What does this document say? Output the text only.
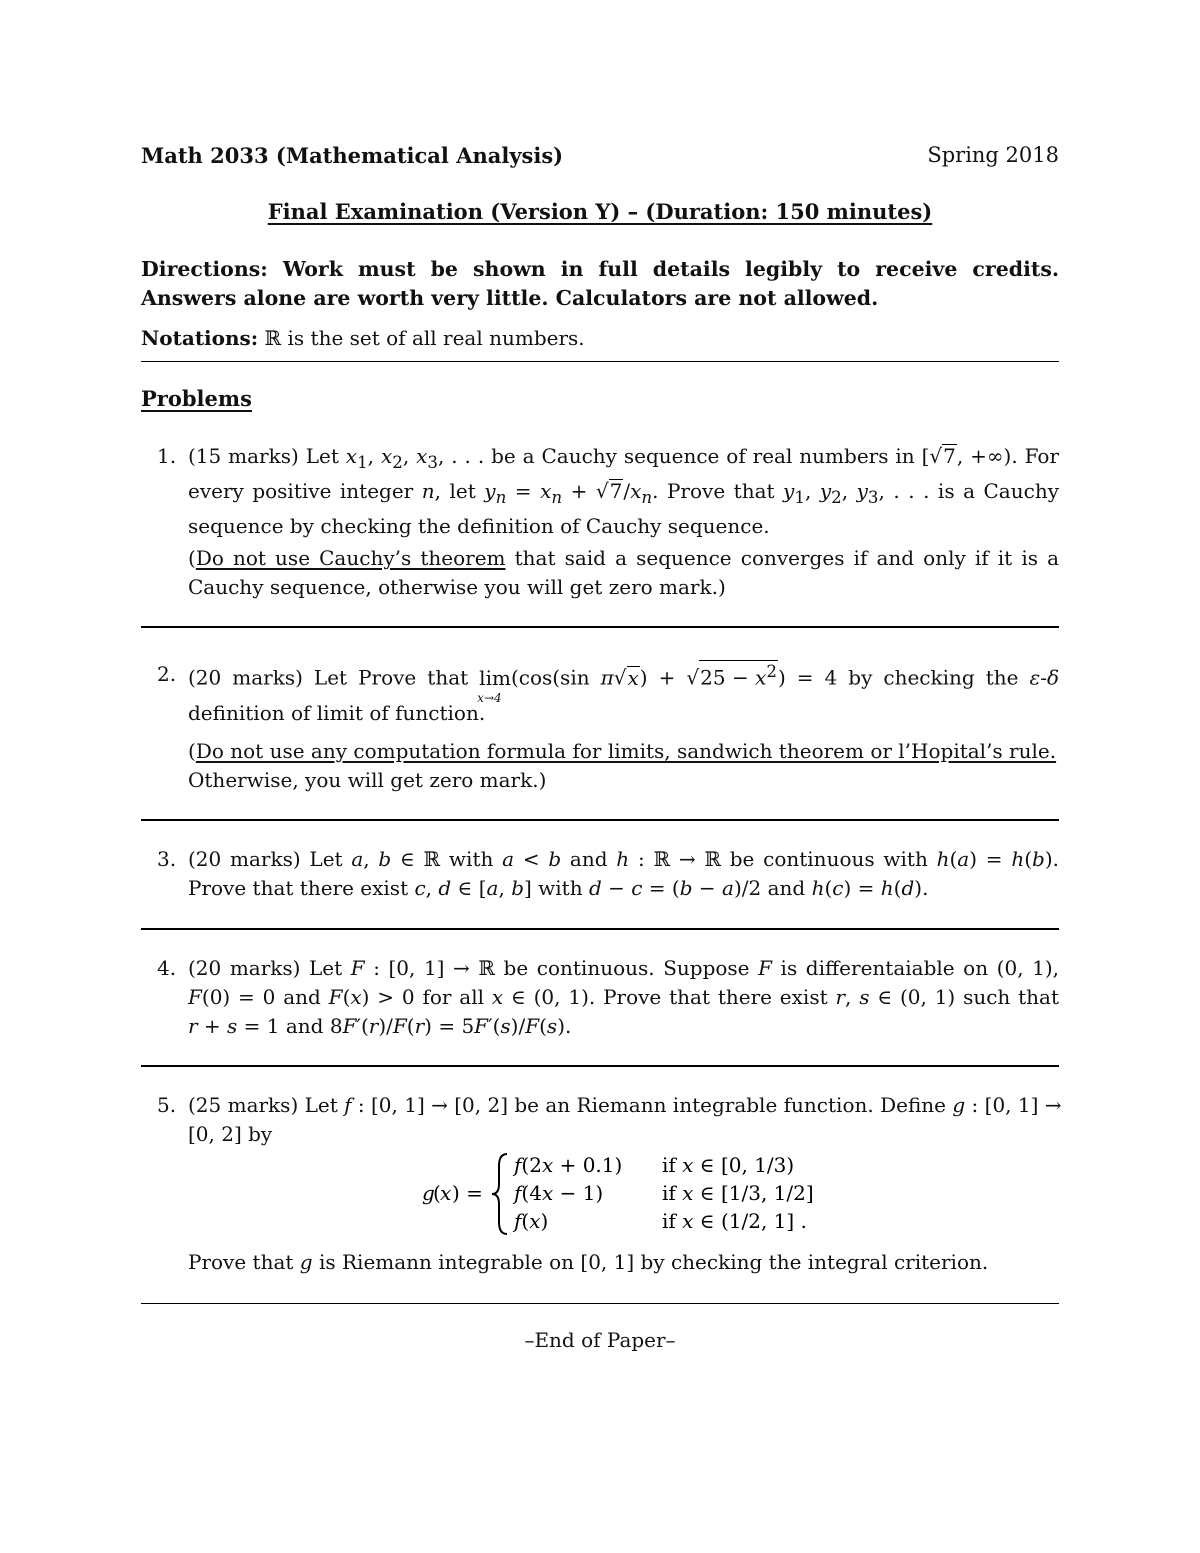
Math 2033 (Mathematical Analysis)	Spring 2018
Final Examination (Version Y) – (Duration: 150 minutes)
Directions: Work must be shown in full details legibly to receive credits. Answers alone are worth very little. Calculators are not allowed.
Notations: ℝ is the set of all real numbers.
Problems
1. (15 marks) Let $x_1$, $x_2$, $x_3$, . . . be a Cauchy sequence of real numbers in [√7, +∞). For
every positive integer n, let $y_n = x_n + √7/x_n$. Prove that $y_1$, $y_2$, $y_3$, . . . is a Cauchy
sequence by checking the definition of Cauchy sequence.
(Do not use Cauchy’s theorem that said a sequence converges if and only if it is a
Cauchy sequence, otherwise you will get zero mark.)
2. (20 marks) Let Prove that lim
x→4
(cos(sin $\pi√x) + √25 - x^2) = 4$ by checking the ε-δ
definition of limit of function.
(Do not use any computation formula for limits, sandwich theorem or l’Hopital’s rule.
Otherwise, you will get zero mark.)
3. (20 marks) Let a, b ∈ ℝ with a < b and h : ℝ → ℝ be continuous with h(a) = h(b).
Prove that there exist c, d ∈ [a, b] with d − c = (b − a)/2 and h(c) = h(d).
4. (20 marks) Let F : [0, 1] → ℝ be continuous. Suppose F is differentaiable on (0, 1),
F(0) = 0 and F(x) > 0 for all x ∈ (0, 1). Prove that there exist r, s ∈ (0, 1) such that
r + s = 1 and 8F′(r)/F(r) = 5F′(s)/F(s).
5. (25 marks) Let f : [0, 1] → [0, 2] be an Riemann integrable function. Define g : [0, 1] →
[0, 2] by
Prove that g is Riemann integrable on [0, 1] by checking the integral criterion.
g
( x ) =
f(2x + 0.1) if x ∈ [0, 1/3)
f(4x − 1)	if x ∈ [1/3, 1/2]
f(x)	if x ∈ (1/2, 1] .
–End of Paper–
